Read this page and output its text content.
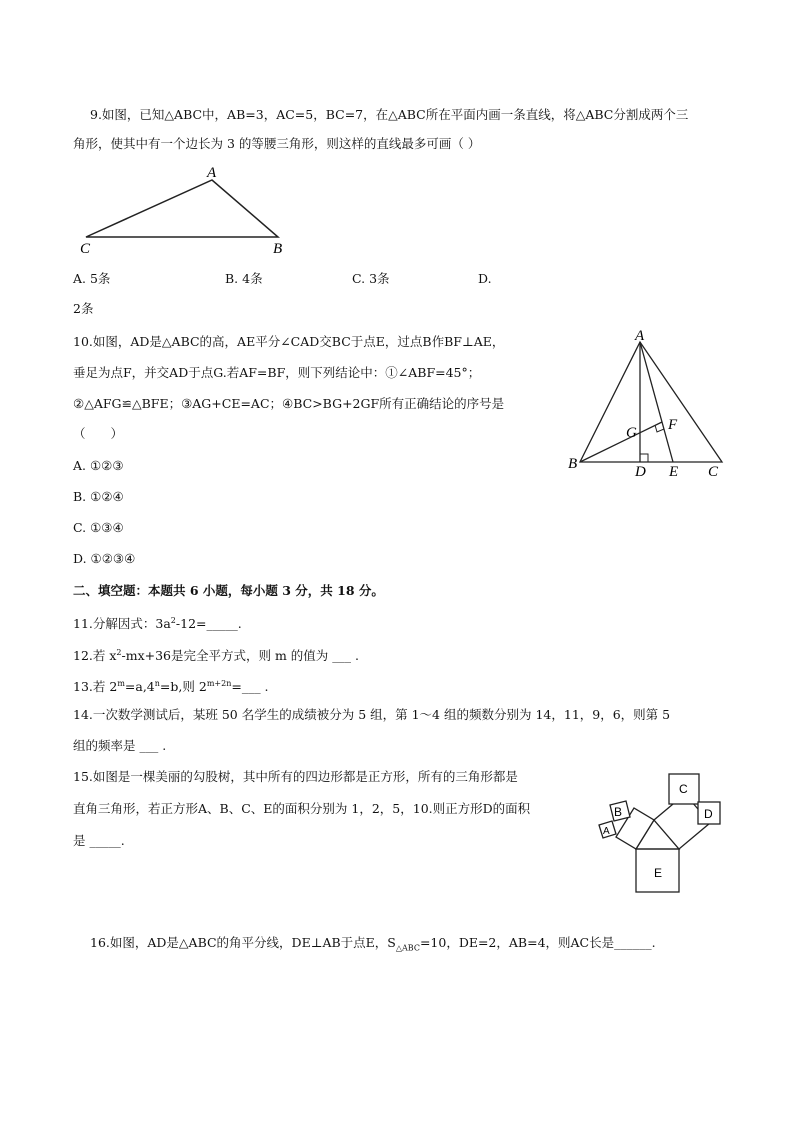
9.如图，已知△ABC中，AB=3，AC=5，BC=7，在△ABC所在平面内画一条直线，将△ABC分割成两个三
角形，使其中有一个边长为 3 的等腰三角形，则这样的直线最多可画（ ）
A
C	B
A. 5条	B. 4条	C. 3条	D.
2条
10.如图，AD是△ABC的高，AE平分∠CAD交BC于点E，过点B作BF⊥AE，
垂足为点F，并交AD于点G.若AF=BF，则下列结论中：①∠ABF=45°；
②△AFG≌△BFE；③AG+CE=AC；④BC>BG+2GF所有正确结论的序号是
（　　）
A. ①②③
B. ①②④
C. ①③④
D. ①②③④
A
B	C
D E
F
G
二、填空题：本题共 6 小题，每小题 3 分，共 18 分。
11.分解因式：$3a^2-12=\_\_\_\_\_$.
12.若 $x^2-mx+36$是完全平方式，则 m 的值为 ___ .
13.若 $2^m=a,4^n=b$,则 $2^{m+2n}=\_\_\_$ .
14.一次数学测试后，某班 50 名学生的成绩被分为 5 组，第 1～4 组的频数分别为 14，11，9，6，则第 5
组的频率是 ___ .
15.如图是一棵美丽的勾股树，其中所有的四边形都是正方形，所有的三角形都是
直角三角形，若正方形A、B、C、E的面积分别为 1，2，5，10.则正方形D的面积
是 _____.
E
C
D
B
A
16.如图，AD是△ABC的角平分线，DE⊥AB于点E，$S_{\triangle ABC}=10$，DE=2，AB=4，则AC长是______.
